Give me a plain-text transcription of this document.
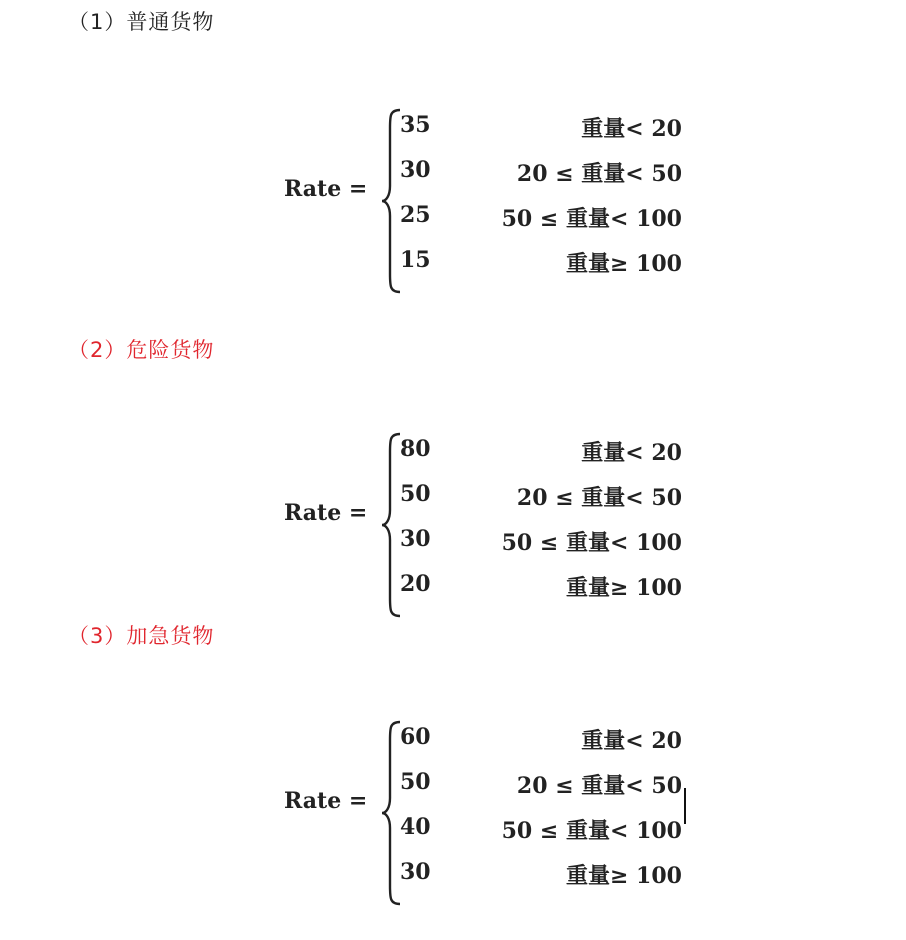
（1）普通货物
Rate =
35	重量< 20
30	20 ≤ 重量< 50
25	50 ≤ 重量< 100
15	重量≥ 100
（2）危险货物
Rate =
80	重量< 20
50	20 ≤ 重量< 50
30	50 ≤ 重量< 100
20	重量≥ 100
（3）加急货物
Rate =
60	重量< 20
50	20 ≤ 重量< 50
40	50 ≤ 重量< 100
30	重量≥ 100
